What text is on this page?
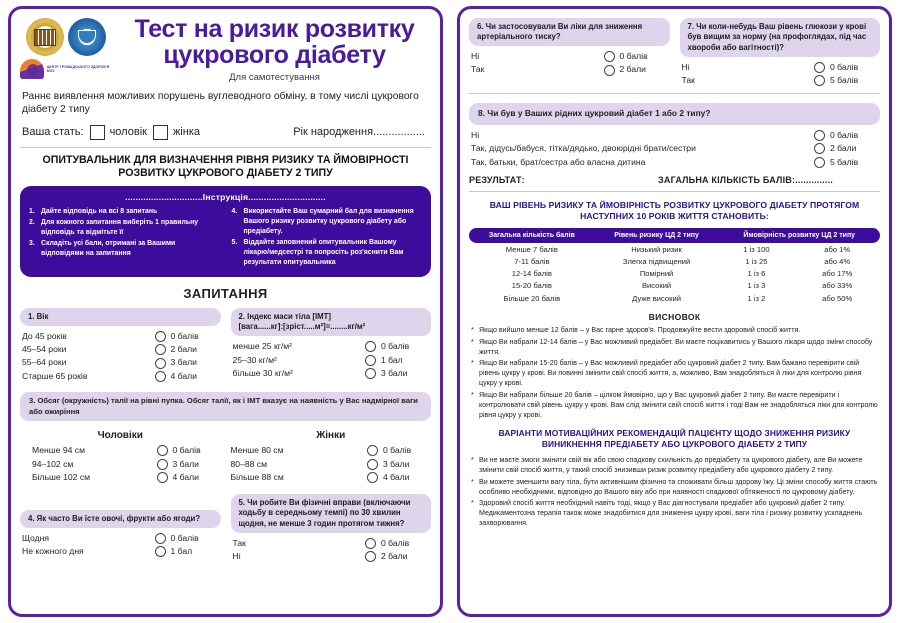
ЦЕНТР ГРОМАДСЬКОГО ЗДОРОВ'Я МОЗ
Тест на ризик розвитку цукрового діабету
Для самотестування
Раннє виявлення можливих порушень вуглеводного обміну, в тому числі цукрового діабету 2 типу
Ваша стать: чоловік жінка	Рік народження.................
ОПИТУВАЛЬНИК ДЛЯ ВИЗНАЧЕННЯ РІВНЯ РИЗИКУ ТА ЙМОВІРНОСТІ РОЗВИТКУ ЦУКРОВОГО ДІАБЕТУ 2 ТИПУ
..............................Інструкція..............................
1. Дайте відповідь на всі 8 запитань
2. Для кожного запитання виберіть 1 правильну відповідь та відмітьте її
3. Складіть усі бали, отримані за Вашими відповідями на запитання
4. Використайте Ваш сумарний бал для визначення Вашого ризику розвитку цукрового діабету або предіабету.
5. Віддайте заповнений опитувальник Вашому лікарю/медсестрі та попросіть роз'яснити Вам результати опитувальника
ЗАПИТАННЯ
1. Вік
До 45 років	0 балів
45–54 роки	2 бали
55–64 роки	3 бали
Старше 65 років	4 бали
2. Індекс маси тіла [ІМТ]
[вага......кг]:[зріст.....м²]=........кг/м²
менше 25 кг/м²	0 балів
25–30 кг/м²	1 бал
більше 30 кг/м²	3 бали
3. Обсяг (окружність) талії на рівні пупка. Обсяг талії, як і ІМТ вказує на наявність у Вас надмірної ваги або ожиріння
Чоловіки
Менше 94 см	0 балів
94–102 см	3 бали
Більше 102 см	4 бали
Жінки
Менше 80 см	0 балів
80–88 см	3 бали
Більше 88 см	4 бали
4. Як часто Ви їсте овочі, фрукти або ягоди?
Щодня	0 балів
Не кожного дня	1 бал
5. Чи робите Ви фізичні вправи (включаючи ходьбу в середньому темпі) по 30 хвилин щодня, не менше 3 годин протягом тижня?
Так	0 балів
Ні	2 бали
6. Чи застосовували Ви ліки для зниження артеріального тиску?
Ні	0 балів
Так	2 бали
7. Чи коли-небудь Ваш рівень глюкози у крові був вищим за норму (на профоглядах, під час хвороби або вагітності)?
Ні	0 балів
Так	5 балів
8. Чи був у Ваших рідних цукровий діабет 1 або 2 типу?
Ні	0 балів
Так, дідусь/бабуся, тітка/дядько, двоюрідні брати/сестри	2 бали
Так, батьки, брат/сестра або власна дитина	5 балів
РЕЗУЛЬТАТ:	ЗАГАЛЬНА КІЛЬКІСТЬ БАЛІВ:..............
ВАШ РІВЕНЬ РИЗИКУ ТА ЙМОВІРНІСТЬ РОЗВИТКУ ЦУКРОВОГО ДІАБЕТУ ПРОТЯГОМ НАСТУПНИХ 10 РОКІВ ЖИТТЯ СТАНОВИТЬ:
Загальна кількість балів	Рівень ризику ЦД 2 типу	Ймовірність розвитку ЦД 2 типу	
Менше 7 балів	Низький ризик	1 із 100	або 1%
7-11 балів	Злегка підвищений	1 із 25	або 4%
12-14 балів	Помірний	1 із 6	або 17%
15-20 балів	Високий	1 із 3	або 33%
Більше 20 балів	Дуже високий	1 із 2	або 50%
ВИСНОВОК
* Якщо вийшло менше 12 балів – у Вас гарне здоров'я. Продовжуйте вести здоровий спосіб життя.
* Якщо Ви набрали 12-14 балів – у Вас можливий предіабет. Ви маєте поцікавитись у Вашого лікаря щодо зміни способу життя.
* Якщо Ви набрали 15-20 балів – у Вас можливий предіабет або цукровий діабет 2 типу. Вам бажано перевірити свій рівень цукру у крові. Ви повинні змінити свій спосіб життя, а, можливо, Вам знадобляться й ліки для контролю рівня цукру у крові.
* Якщо Ви набрали більше 20 балів – цілком ймовірно, що у Вас цукровий діабет 2 типу. Ви маєте перевірити і контролювати свій рівень цукру у крові. Вам слід змінити свій спосіб життя і тоді Вам не знадобляться ліки для контролю рівня цукру у крові.
ВАРІАНТИ МОТИВАЦІЙНИХ РЕКОМЕНДАЦІЙ ПАЦІЄНТУ ЩОДО ЗНИЖЕННЯ РИЗИКУ ВИНИКНЕННЯ ПРЕДІАБЕТУ АБО ЦУКРОВОГО ДІАБЕТУ 2 ТИПУ
* Ви не маєте змоги змінити свій вік або свою спадкову схильність до предіабету та цукрового діабету, але Ви можете змінити свій спосіб життя, у такий спосіб знизивши ризик розвитку предіабету або цукрового діабету 2 типу.
* Ви можете зменшити вагу тіла, бути активнішим фізично та споживати більш здорову їжу. Ці зміни способу життя стають особливо необхідними, відповідно до Вашого віку або при наявності спадкової обтяженості по цукровому діабету.
* Здоровий спосіб життя необхідний навіть тоді, якщо у Вас діагностували предіабет або цукровий діабет 2 типу. Медикаментозна терапія також може знадобитися для зниження цукру крові, ваги тіла і ризику розвитку ускладнень захворювання.
